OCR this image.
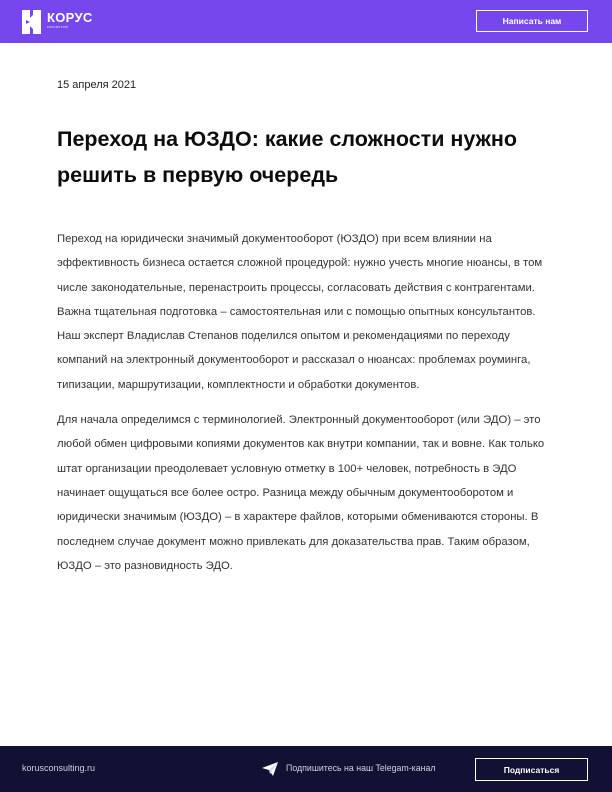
КОРУС
консалтинг
Написать нам
15 апреля 2021
Переход на ЮЗДО: какие сложности нужно решить в первую очередь

Переход на юридически значимый документооборот (ЮЗДО) при всем влиянии на эффективность бизнеса остается сложной процедурой: нужно учесть многие нюансы, в том числе законодательные, перенастроить процессы, согласовать действия с контрагентами. Важна тщательная подготовка – самостоятельная или с помощью опытных консультантов. Наш эксперт Владислав Степанов поделился опытом и рекомендациями по переходу компаний на электронный документооборот и рассказал о нюансах: проблемах роуминга, типизации, маршрутизации, комплектности и обработки документов.

Для начала определимся с терминологией. Электронный документооборот (или ЭДО) – это любой обмен цифровыми копиями документов как внутри компании, так и вовне. Как только штат организации преодолевает условную отметку в 100+ человек, потребность в ЭДО начинает ощущаться все более остро. Разница между обычным документооборотом и юридически значимым (ЮЗДО) – в характере файлов, которыми обмениваются стороны. В последнем случае документ можно привлекать для доказательства прав. Таким образом, ЮЗДО – это разновидность ЭДО.

korusconsulting.ru	Подпишитесь на наш Telegam-канал	Подписаться
